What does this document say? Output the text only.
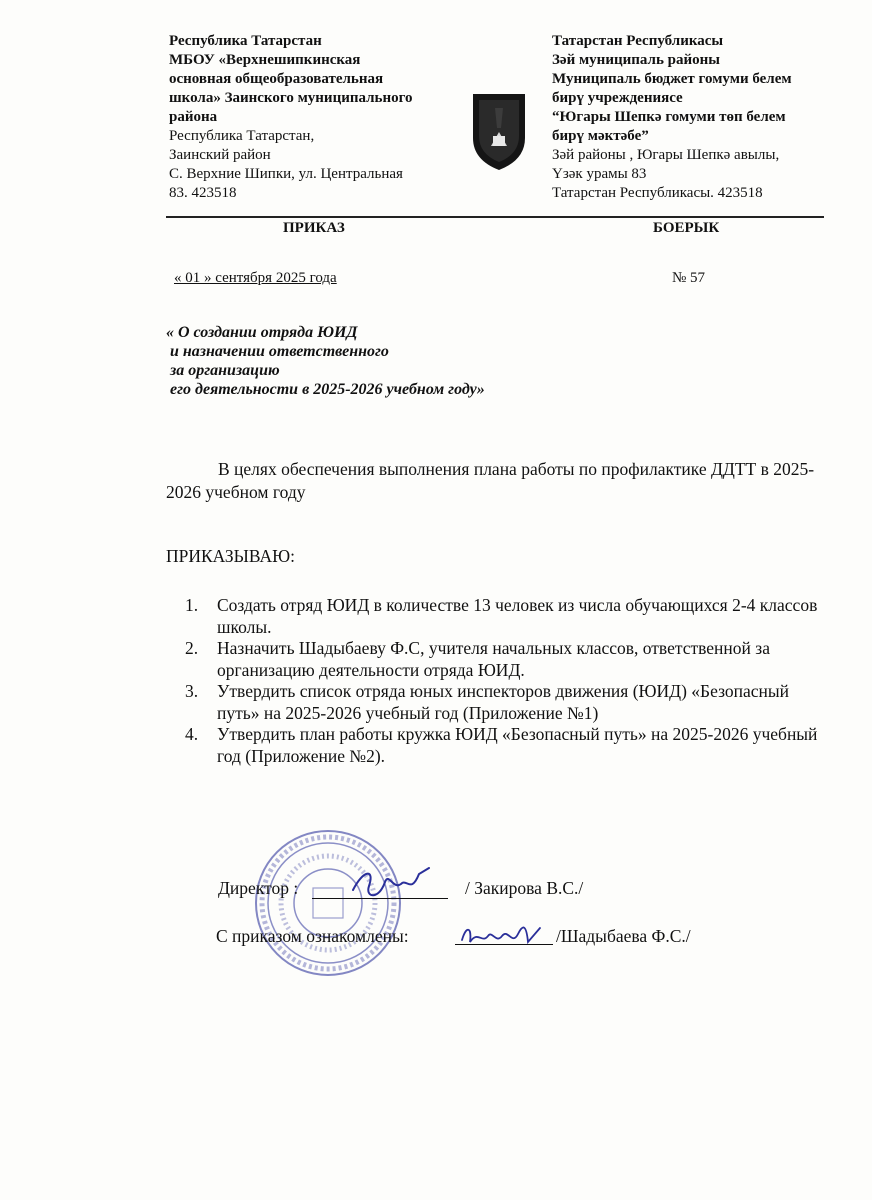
Республика Татарстан
МБОУ «Верхнешипкинская
основная общеобразовательная
школа» Заинского муниципального
района
Республика Татарстан,
Заинский район
С. Верхние Шипки, ул. Центральная
83. 423518
Татарстан Республикасы
Зәй муниципаль районы
Муниципаль бюджет гомуми белем
бирү учреждениясе
“Югары Шепкә гомуми төп белем
бирү мәктәбе”
Зәй районы , Югары Шепкә авылы,
Үзәк урамы 83
Татарстан Республикасы. 423518
ПРИКАЗ	БОЕРЫК
« 01 » сентября 2025 года	№ 57
« О создании отряда ЮИД
и назначении ответственного
за организацию
его деятельности в 2025-2026 учебном году»
В целях обеспечения выполнения плана работы по профилактике ДДТТ в 2025-2026 учебном году
ПРИКАЗЫВАЮ:
1. Создать отряд ЮИД в количестве 13 человек из числа обучающихся 2-4 классов школы.
2. Назначить Шадыбаеву Ф.С, учителя начальных классов, ответственной за организацию деятельности отряда ЮИД.
3. Утвердить список отряда юных инспекторов движения (ЮИД) «Безопасный путь» на 2025-2026 учебный год (Приложение №1)
4. Утвердить план работы кружка ЮИД «Безопасный путь» на 2025-2026 учебный год (Приложение №2).
Директор :	/ Закирова В.С./
С приказом ознакомлены:	/Шадыбаева Ф.С./
